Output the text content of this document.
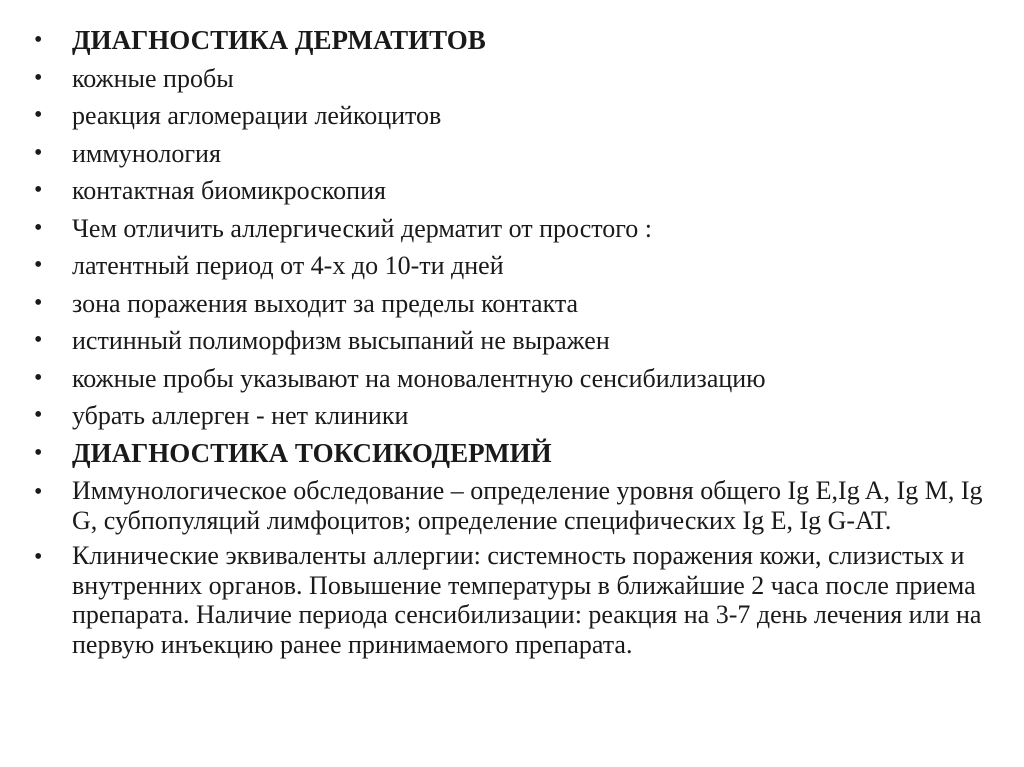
•	ДИАГНОСТИКА ДЕРМАТИТОВ
•	кожные пробы
•	реакция агломерации лейкоцитов
•	иммунология
•	контактная биомикроскопия
•	Чем отличить аллергический дерматит от простого :
•	латентный период от 4-х до 10-ти дней
•	зона поражения выходит за пределы контакта
•	истинный полиморфизм высыпаний не выражен
•	кожные пробы указывают на моновалентную сенсибилизацию
•	убрать аллерген - нет клиники
•	ДИАГНОСТИКА ТОКСИКОДЕРМИЙ
•	Иммунологическое обследование – определение уровня общего Ig E,Ig A, Ig M, Ig G, субпопуляций лимфоцитов; определение специфических Ig E, Ig G-AT.
•	Клинические эквиваленты аллергии: системность поражения кожи, слизистых и внутренних органов. Повышение температуры в ближайшие 2 часа после приема препарата. Наличие периода сенсибилизации: реакция на 3-7 день лечения или на первую инъекцию ранее принимаемого препарата.
